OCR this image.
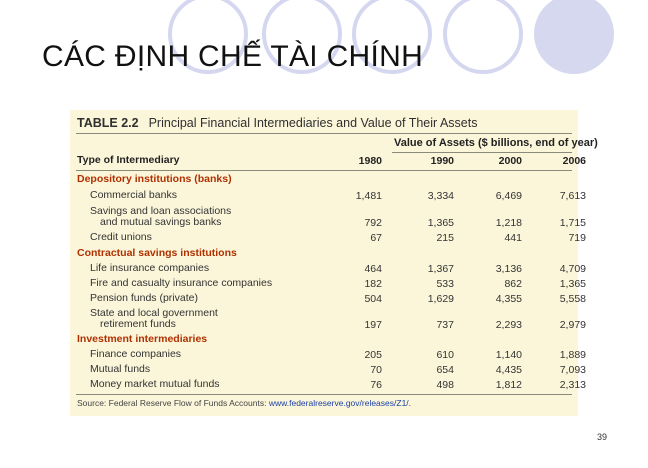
CÁC ĐỊNH CHẾ TÀI CHÍNH
TABLE 2.2 Principal Financial Intermediaries and Value of Their Assets
Value of Assets ($ billions, end of year)
Type of Intermediary	1980	1990	2000	2006
Depository institutions (banks)
Commercial banks	1,481	3,334	6,469	7,613
Savings and loan associations
and mutual savings banks	792	1,365	1,218	1,715
Credit unions	67	215	441	719
Contractual savings institutions
Life insurance companies	464	1,367	3,136	4,709
Fire and casualty insurance companies	182	533	862	1,365
Pension funds (private)	504	1,629	4,355	5,558
State and local government
retirement funds	197	737	2,293	2,979
Investment intermediaries
Finance companies	205	610	1,140	1,889
Mutual funds	70	654	4,435	7,093
Money market mutual funds	76	498	1,812	2,313
Source: Federal Reserve Flow of Funds Accounts: www.federalreserve.gov/releases/Z1/.
39
